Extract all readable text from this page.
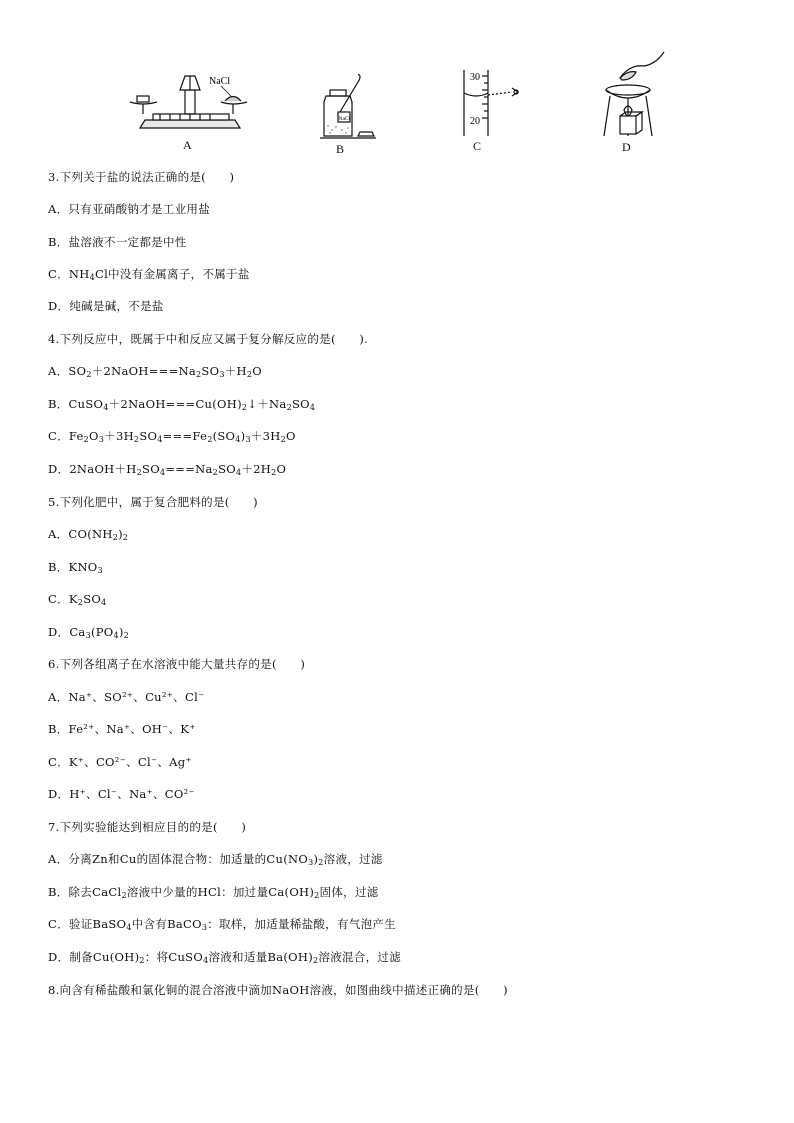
NaCl
A
NaCl
B
30
20
C	D
3.下列关于盐的说法正确的是(　　)
A．只有亚硝酸钠才是工业用盐
B．盐溶液不一定都是中性
C．$NH_4Cl$中没有金属离子，不属于盐
D．纯碱是碱，不是盐
4.下列反应中，既属于中和反应又属于复分解反应的是(　　).
A．$SO_2+2NaOH===Na_2SO_3+H_2O$
B．$CuSO_4+2NaOH===Cu(OH)_2↓+Na_2SO_4$
C．$Fe_2O_3+3H_2SO_4===Fe_2(SO_4)_3+3H_2O$
D．$2NaOH+H_2SO_4===Na_2SO_4+2H_2O$
5.下列化肥中，属于复合肥料的是(　　)
A．$CO(NH_2)_2$
B．$KNO_3$
C．$K_2SO_4$
D．$Ca_3(PO_4)_2$
6.下列各组离子在水溶液中能大量共存的是(　　)
A．Na⁺、SO²⁺、Cu²⁺、Cl⁻
B．Fe²⁺、Na⁺、OH⁻、K⁺
C．K⁺、CO²⁻、Cl⁻、Ag⁺
D．H⁺、Cl⁻、Na⁺、CO²⁻
7.下列实验能达到相应目的的是(　　)
A．分离Zn和Cu的固体混合物：加适量的$Cu(NO_3)_2$溶液，过滤
B．除去CaCl$_2$溶液中少量的HCl：加过量$Ca(OH)_2$固体，过滤
C．验证BaSO$_4$中含有BaCO$_3$：取样，加适量稀盐酸，有气泡产生
D．制备$Cu(OH)_2$：将CuSO$_4$溶液和适量$Ba(OH)_2$溶液混合，过滤
8.向含有稀盐酸和氯化铜的混合溶液中滴加NaOH溶液，如图曲线中描述正确的是(　　)
